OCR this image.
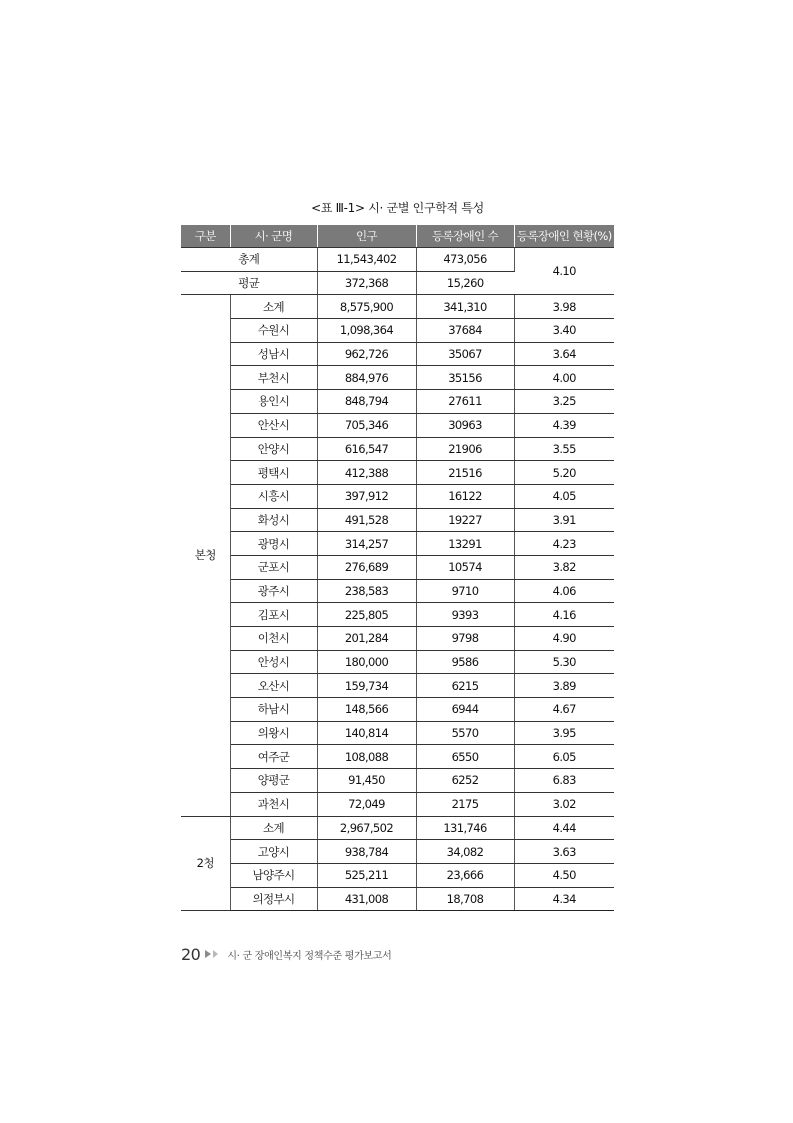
<표 Ⅲ-1> 시· 군별 인구학적 특성
구분	시· 군명	인구	등록장애인 수	등록장애인 현황(%)
총계		11,543,402	473,056	4.10
평균		372,368	15,260	
본청	소계	8,575,900	341,310	3.98
	수원시	1,098,364	37684	3.40
	성남시	962,726	35067	3.64
	부천시	884,976	35156	4.00
	용인시	848,794	27611	3.25
	안산시	705,346	30963	4.39
	안양시	616,547	21906	3.55
	평택시	412,388	21516	5.20
	시흥시	397,912	16122	4.05
	화성시	491,528	19227	3.91
	광명시	314,257	13291	4.23
	군포시	276,689	10574	3.82
	광주시	238,583	9710	4.06
	김포시	225,805	9393	4.16
	이천시	201,284	9798	4.90
	안성시	180,000	9586	5.30
	오산시	159,734	6215	3.89
	하남시	148,566	6944	4.67
	의왕시	140,814	5570	3.95
	여주군	108,088	6550	6.05
	양평군	91,450	6252	6.83
	과천시	72,049	2175	3.02
2청	소계	2,967,502	131,746	4.44
	고양시	938,784	34,082	3.63
	남양주시	525,211	23,666	4.50
	의정부시	431,008	18,708	4.34
20	시· 군 장애인복지 정책수준 평가보고서
